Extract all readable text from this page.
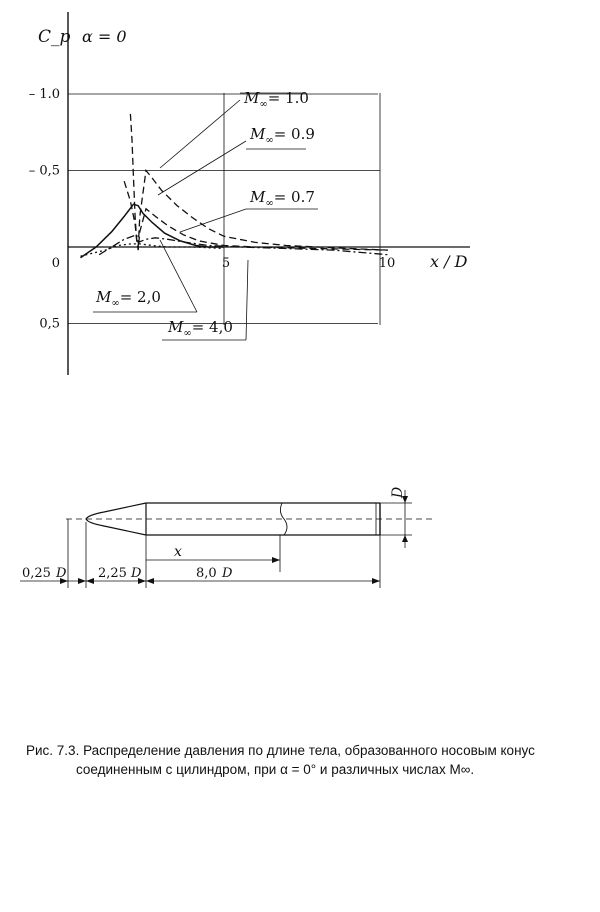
C_p α = 0
x / D
– 1.0
– 0,5
0
0,5
5	10
$M_\infty= 1.0$
$M_\infty= 0.9$
$M_\infty= 0.7$
$M_\infty= 2,0$
$M_\infty= 4,0$
D
x
0,25 D 2,25 D	8,0 D
Рис. 7.3. Распределение давления по длине тела, образованного носовым конус
соединенным с цилиндром, при α = 0° и различных числах M∞.
